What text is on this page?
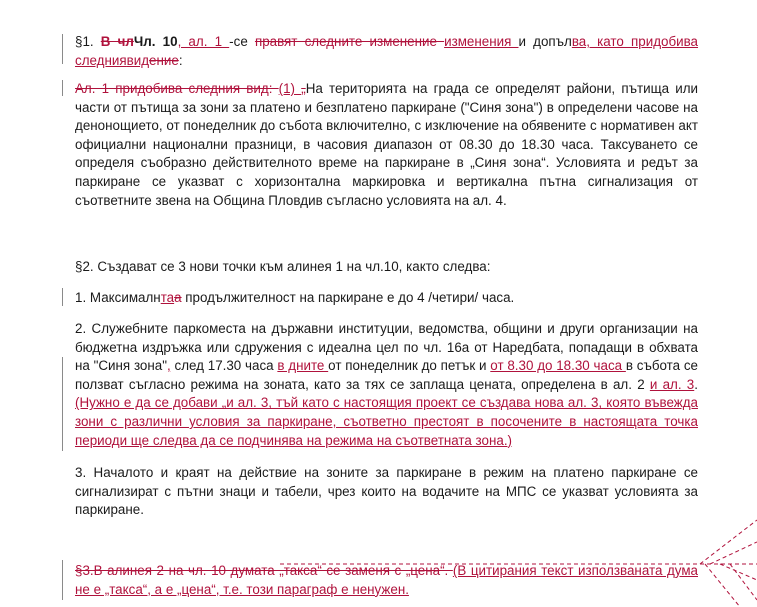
§1. В члЧл. 10, ал. 1 -се правят следните изменение изменения и допълва, като придобива следниявидение:

Ал. 1 придобива следния вид: (1) „На територията на града се определят райони, пътища или части от пътища за зони за платено и безплатено паркиране ("Синя зона") в определени часове на денонощието, от понеделник до събота включително, с изключение на обявените с нормативен акт официални национални празници, в часовия диапазон от 08.30 до 18.30 часа. Таксуването се определя съобразно действителното време на паркиране в „Синя зона“. Условията и редът за паркиране се указват с хоризонтална маркировка и вертикална пътна сигнализация от съответните звена на Община Пловдив съгласно условията на ал. 4.

§2. Създават се 3 нови точки към алинея 1 на чл.10, както следва:

1. Максималнтаа продължителност на паркиране е до 4 /четири/ часа.

2. Служебните паркоместа на държавни институции, ведомства, общини и други организации на бюджетна издръжка или сдружения с идеална цел по чл. 16а от Наредбата, попадащи в обхвата на "Синя зона", след 17.30 часа в дните от понеделник до петък и от 8.30 до 18.30 часа в събота се ползват съгласно режима на зоната, като за тях се заплаща цената, определена в ал. 2 и ал. 3. (Нужно е да се добави „и ал. 3, тъй като с настоящия проект се създава нова ал. 3, която въвежда зони с различни условия за паркиране, съответно престоят в посочените в настоящата точка периоди ще следва да се подчинява на режима на съответната зона.)

3. Началото и краят на действие на зоните за паркиране в режим на платено паркиране се сигнализират с пътни знаци и табели, чрез които на водачите на МПС се указват условията за паркиране.

§3.В алинея 2 на чл. 10 думата „такса“ се заменя с „цена“. (В цитирания текст използваната дума не е „такса“, а е „цена“, т.е. този параграф е ненужен.
